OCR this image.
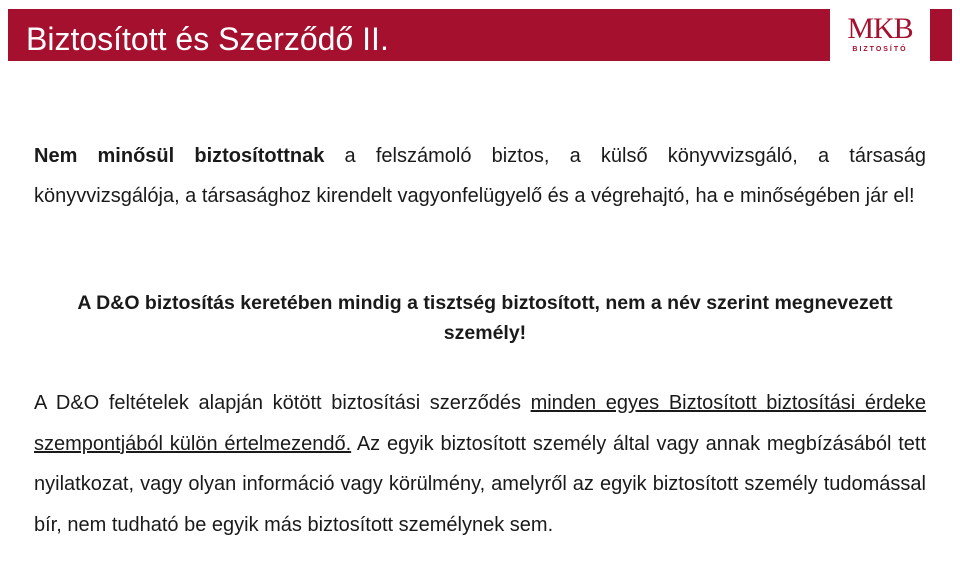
Biztosított és Szerződő II.	MKB
BIZTOSÍTÓ

Nem minősül biztosítottnak a felszámoló biztos, a külső könyvvizsgáló, a társaság könyvvizsgálója, a társasághoz kirendelt vagyonfelügyelő és a végrehajtó, ha e minőségében jár el!

A D&O biztosítás keretében mindig a tisztség biztosított, nem a név szerint megnevezett személy!

A D&O feltételek alapján kötött biztosítási szerződés minden egyes Biztosított biztosítási érdeke szempontjából külön értelmezendő. Az egyik biztosított személy által vagy annak megbízásából tett nyilatkozat, vagy olyan információ vagy körülmény, amelyről az egyik biztosított személy tudomással bír, nem tudható be egyik más biztosított személynek sem.
